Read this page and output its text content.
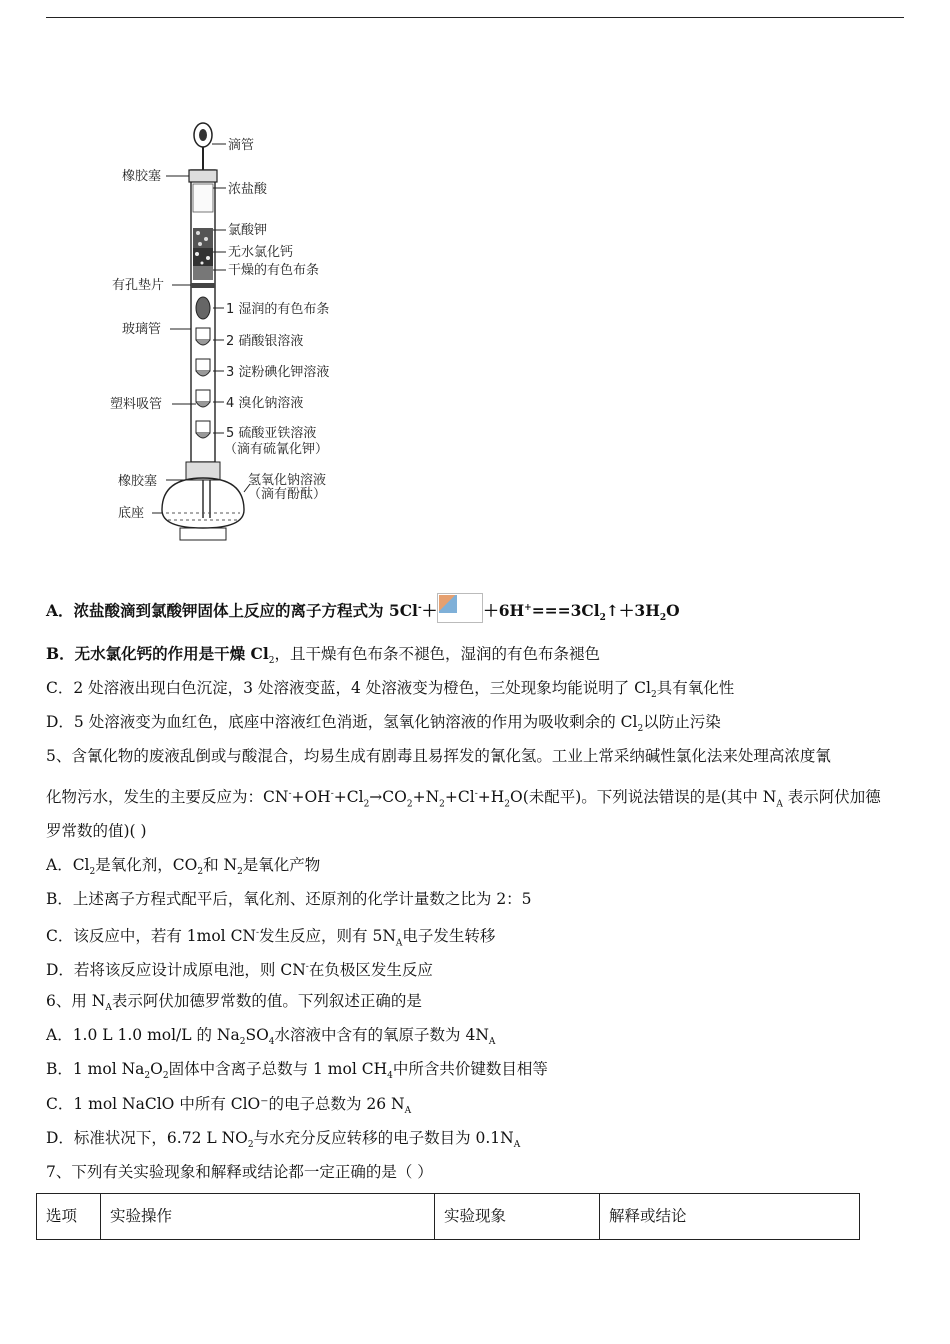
滴管
浓盐酸
氯酸钾
无水氯化钙
干燥的有色布条
1 湿润的有色布条
2 硝酸银溶液
3 淀粉碘化钾溶液
4 溴化钠溶液
5 硫酸亚铁溶液
（滴有硫氰化钾）
氢氧化钠溶液
（滴有酚酞）
橡胶塞
有孔垫片
玻璃管
塑料吸管
橡胶塞
底座
A．浓盐酸滴到氯酸钾固体上反应的离子方程式为 5Cl-＋	$+6H^+===3Cl_2↑+3H_2O$
B．无水氯化钙的作用是干燥 $Cl_2$，且干燥有色布条不褪色，湿润的有色布条褪色
C．2 处溶液出现白色沉淀，3 处溶液变蓝，4 处溶液变为橙色，三处现象均能说明了 $Cl_2$具有氧化性
D．5 处溶液变为血红色，底座中溶液红色消逝，氢氧化钠溶液的作用为吸收剩余的 $Cl_2$以防止污染
5、含氰化物的废液乱倒或与酸混合，均易生成有剧毒且易挥发的氰化氢。工业上常采纳碱性氯化法来处理高浓度氰
化物污水，发生的主要反应为：$CN^-+OH^-+Cl_2\to CO_2+N_2+Cl^-+H_2O$(未配平)。下列说法错误的是(其中 $N_A$ 表示阿伏加德
罗常数的值)( )
A．$Cl_2$是氧化剂，$CO_2$和 $N_2$是氧化产物
B．上述离子方程式配平后，氧化剂、还原剂的化学计量数之比为 2：5
C．该反应中，若有 1mol CN-发生反应，则有 $5N_A$电子发生转移
D．若将该反应设计成原电池，则 CN-在负极区发生反应
6、用 $N_A$表示阿伏加德罗常数的值。下列叙述正确的是
A．1.0 L 1.0 mol/L 的 $Na_2SO_4$水溶液中含有的氧原子数为 $4N_A$
B．1 mol $Na_2O_2$固体中含离子总数与 1 mol $CH_4$中所含共价键数目相等
C．1 mol NaClO 中所有 ClO⁻的电子总数为 26 $N_A$
D．标准状况下，6.72 L $NO_2$与水充分反应转移的电子数目为 $0.1N_A$
7、下列有关实验现象和解释或结论都一定正确的是（ ）
选项	实验操作	实验现象	解释或结论
